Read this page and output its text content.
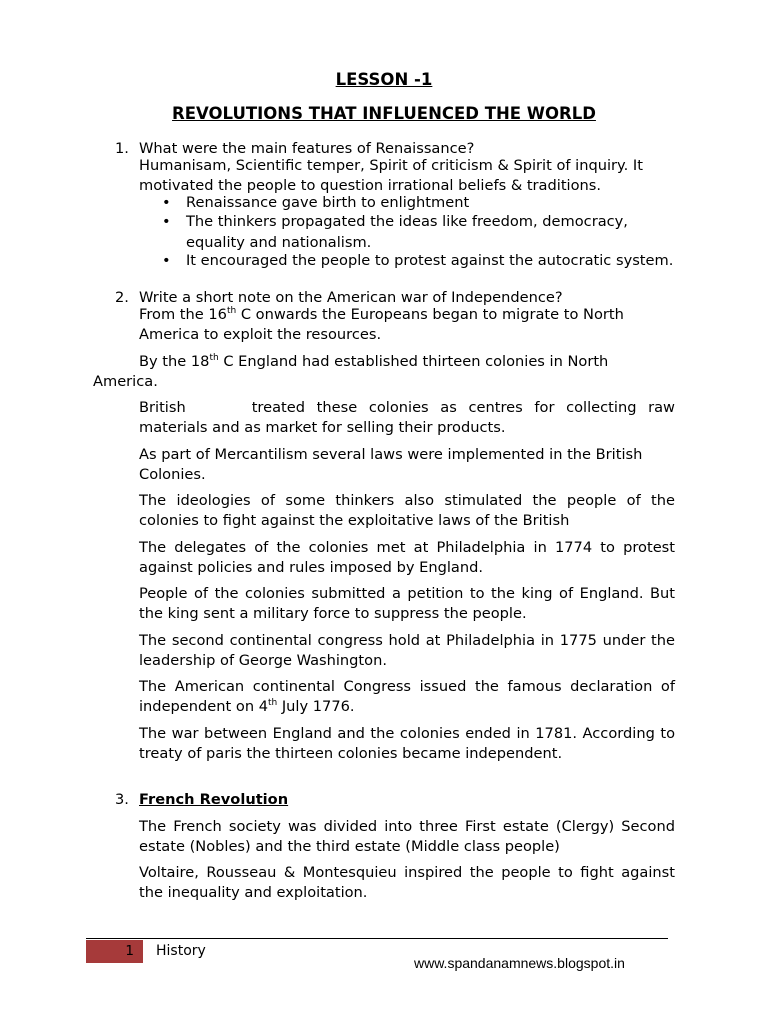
LESSON -1
REVOLUTIONS THAT INFLUENCED THE WORLD
1. What were the main features of Renaissance?
Humanisam, Scientific temper, Spirit of criticism & Spirit of inquiry. It motivated the people to question irrational beliefs & traditions.
• Renaissance gave birth to enlightment
• The thinkers propagated the ideas like freedom, democracy, equality and nationalism.
• It encouraged the people to protest against the autocratic system.
2. Write a short note on the American war of Independence?
From the 16th C onwards the Europeans began to migrate to North America to exploit the resources.
By the 18th C England had established thirteen colonies in North America.
British	treated these colonies as centres for collecting raw materials and as market for selling their products.
As part of Mercantilism several laws were implemented in the British Colonies.
The ideologies of some thinkers also stimulated the people of the colonies to fight against the exploitative laws of the British
The delegates of the colonies met at Philadelphia in 1774 to protest against policies and rules imposed by England.
People of the colonies submitted a petition to the king of England. But the king sent a military force to suppress the people.
The second continental congress hold at Philadelphia in 1775 under the leadership of George Washington.
The American continental Congress issued the famous declaration of independent on 4th July 1776.
The war between England and the colonies ended in 1781. According to treaty of paris the thirteen colonies became independent.
3. French Revolution
The French society was divided into three First estate (Clergy) Second estate (Nobles) and the third estate (Middle class people)
Voltaire, Rousseau & Montesquieu inspired the people to fight against the inequality and exploitation.
1 History
www.spandanamnews.blogspot.in
